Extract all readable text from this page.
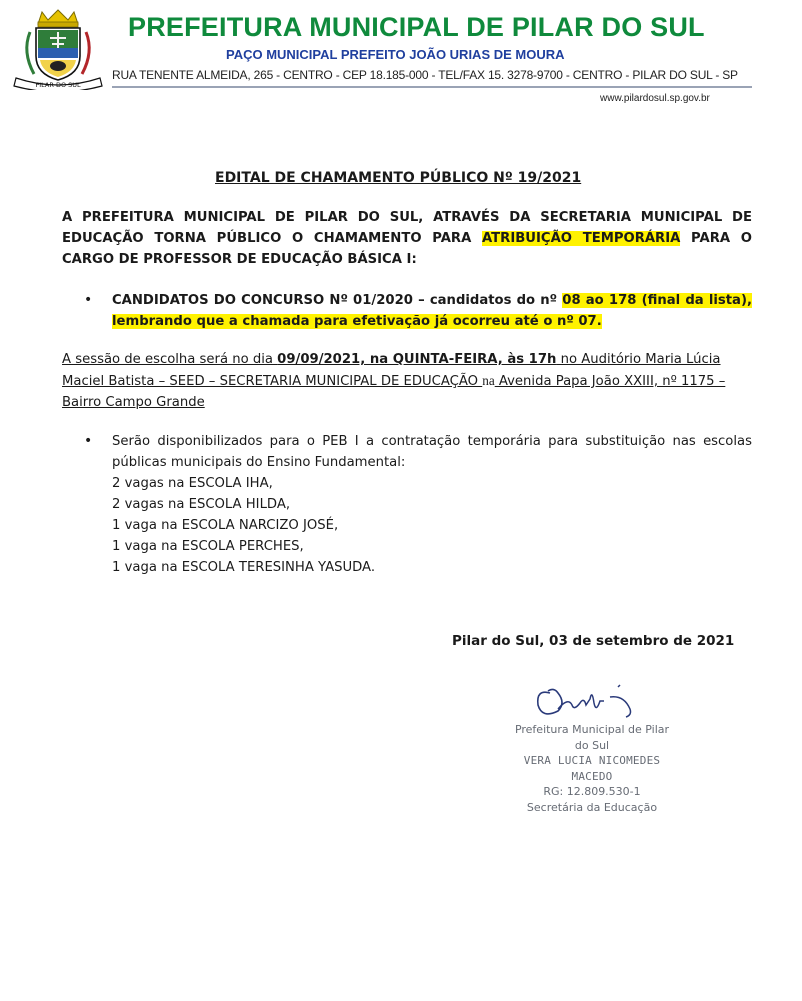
PILAR DO SUL
PREFEITURA MUNICIPAL DE PILAR DO SUL
PAÇO MUNICIPAL PREFEITO JOÃO URIAS DE MOURA
RUA TENENTE ALMEIDA, 265 - CENTRO - CEP 18.185-000 - TEL/FAX 15. 3278-9700 - CENTRO - PILAR DO SUL - SP
www.pilardosul.sp.gov.br
EDITAL DE CHAMAMENTO PÚBLICO Nº 19/2021
A PREFEITURA MUNICIPAL DE PILAR DO SUL, ATRAVÉS DA SECRETARIA MUNICIPAL DE EDUCAÇÃO TORNA PÚBLICO O CHAMAMENTO PARA ATRIBUIÇÃO TEMPORÁRIA PARA O CARGO DE PROFESSOR DE EDUCAÇÃO BÁSICA I:
•	CANDIDATOS DO CONCURSO Nº 01/2020 – candidatos do nº 08 ao 178 (final da lista), lembrando que a chamada para efetivação já ocorreu até o nº 07.
A sessão de escolha será no dia 09/09/2021, na QUINTA-FEIRA, às 17h no Auditório Maria Lúcia Maciel Batista – SEED – SECRETARIA MUNICIPAL DE EDUCAÇÃO na Avenida Papa João XXIII, nº 1175 – Bairro Campo Grande
•	Serão disponibilizados para o PEB I a contratação temporária para substituição nas escolas públicas municipais do Ensino Fundamental:
2 vagas na ESCOLA IHA,
2 vagas na ESCOLA HILDA,
1 vaga na ESCOLA NARCIZO JOSÉ,
1 vaga na ESCOLA PERCHES,
1 vaga na ESCOLA TERESINHA YASUDA.
Pilar do Sul, 03 de setembro de 2021
Prefeitura Municipal de Pilar do Sul
VERA LUCIA NICOMEDES MACEDO
RG: 12.809.530-1
Secretária da Educação
